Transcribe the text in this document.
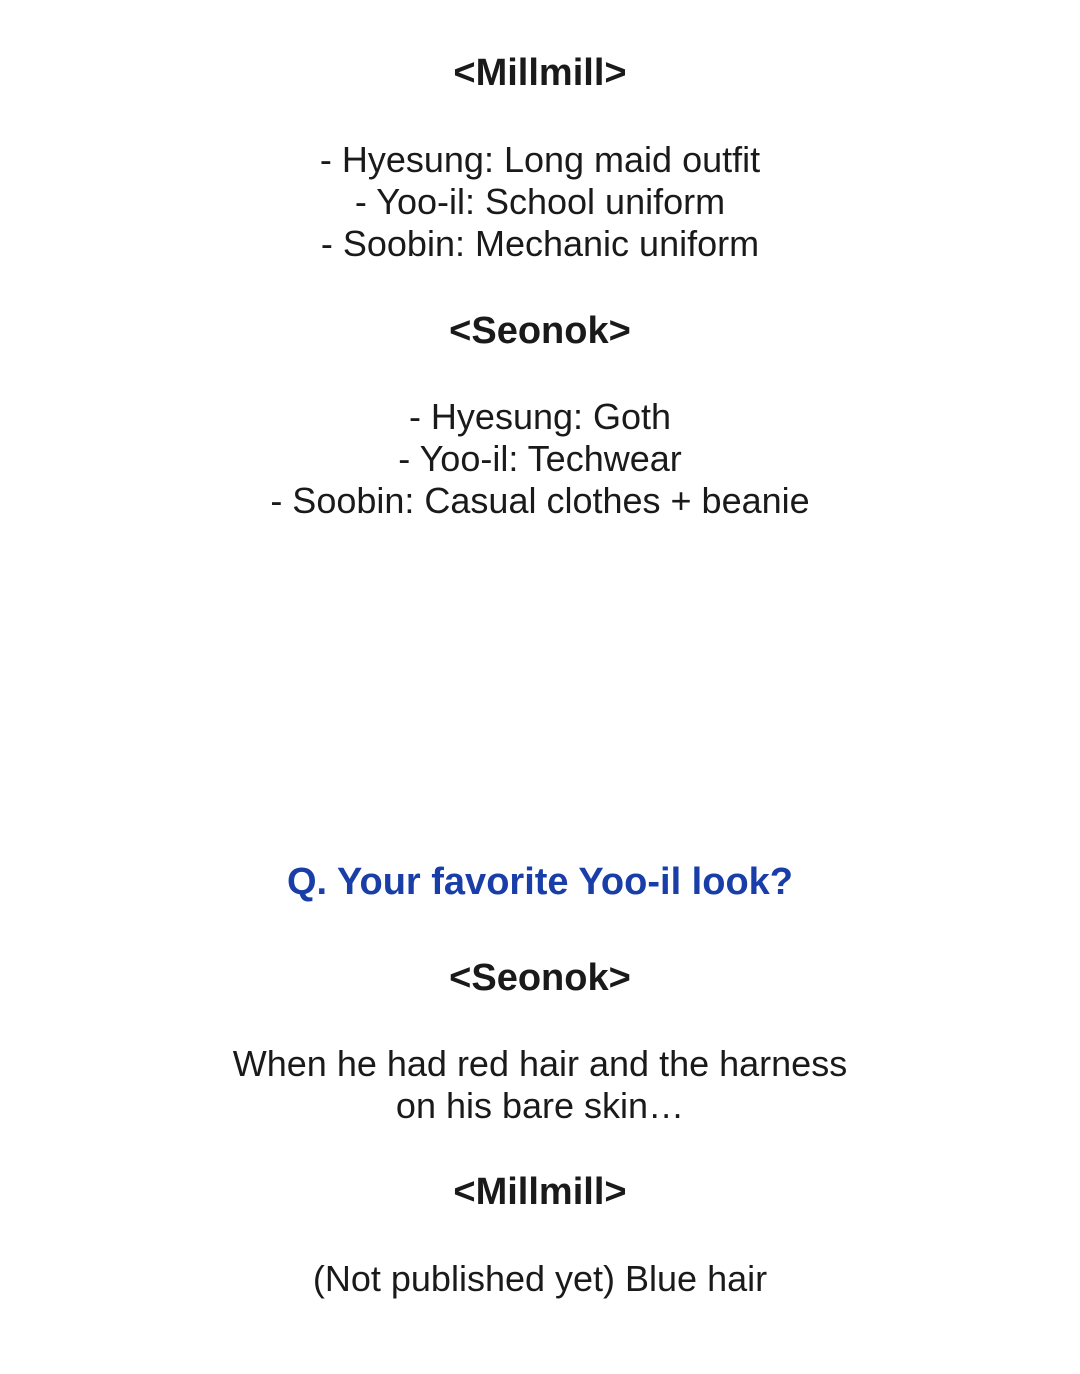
<Millmill>
- Hyesung: Long maid outfit
- Yoo-il: School uniform
- Soobin: Mechanic uniform
<Seonok>
- Hyesung: Goth
- Yoo-il: Techwear
- Soobin: Casual clothes + beanie
Q. Your favorite Yoo-il look?
<Seonok>
When he had red hair and the harness
on his bare skin…
<Millmill>
(Not published yet) Blue hair
